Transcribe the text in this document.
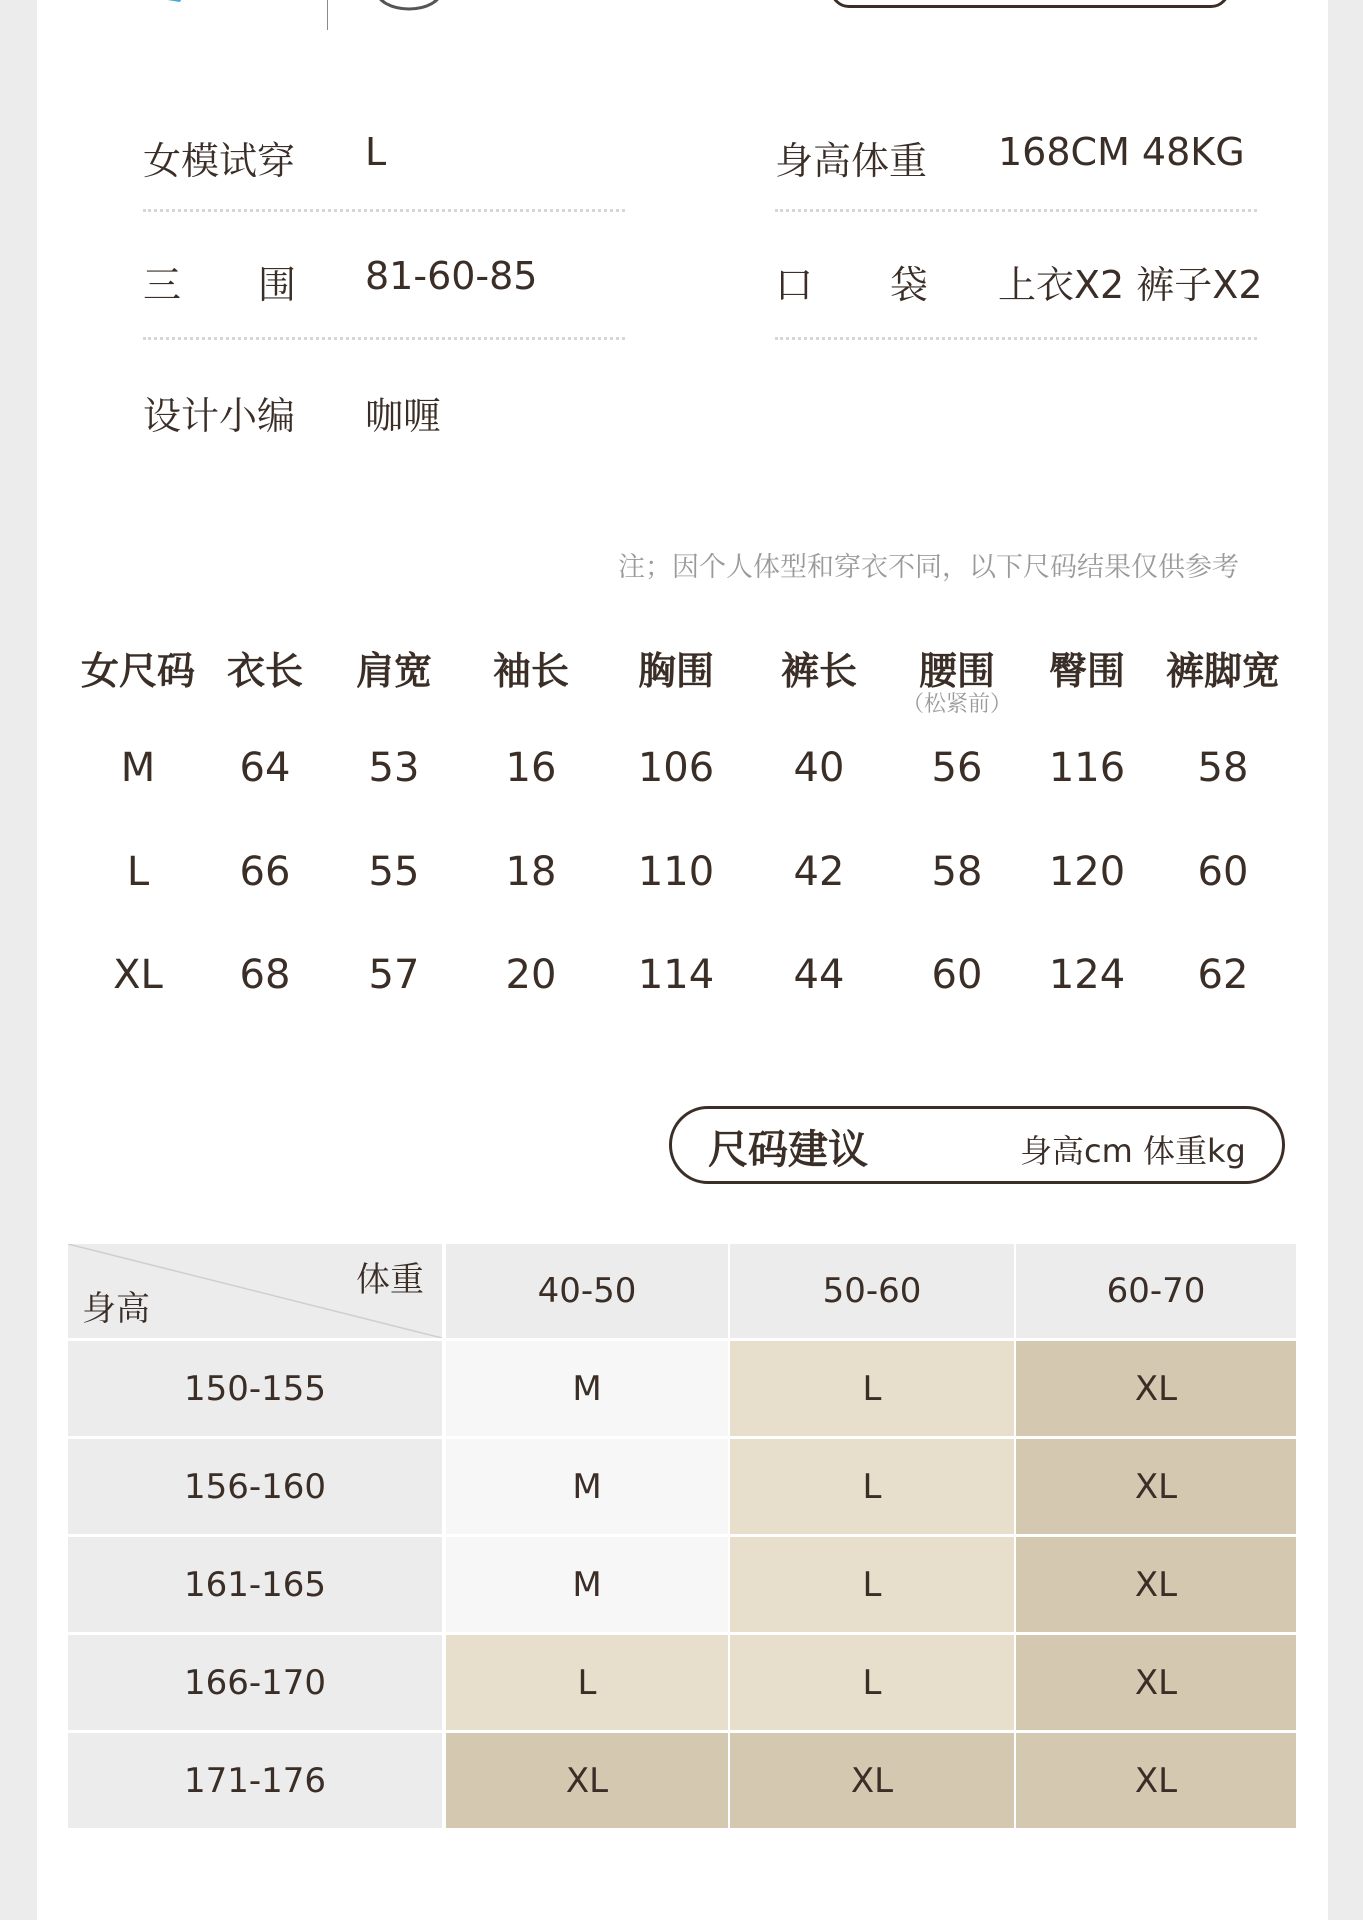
女模试穿 L	身高体重 168CM 48KG
三 围 81-60-85	口 袋 上衣X2 裤子X2
设计小编 咖喱
注；因个人体型和穿衣不同，以下尺码结果仅供参考
女尺码 衣长	肩宽	袖长	胸围	裤长	腰围	臀围	裤脚宽
（松紧前）
M	64	53	16	106	40	56	116	58
L	66	55	18	110	42	58	120	60
XL	68	57	20	114	44	60	124	62
尺码建议	身高cm 体重kg
体重
身高	40-50	50-60	60-70
150-155	M	L	XL
156-160	M	L	XL
161-165	M	L	XL
166-170	L	L	XL
171-176	XL	XL	XL
